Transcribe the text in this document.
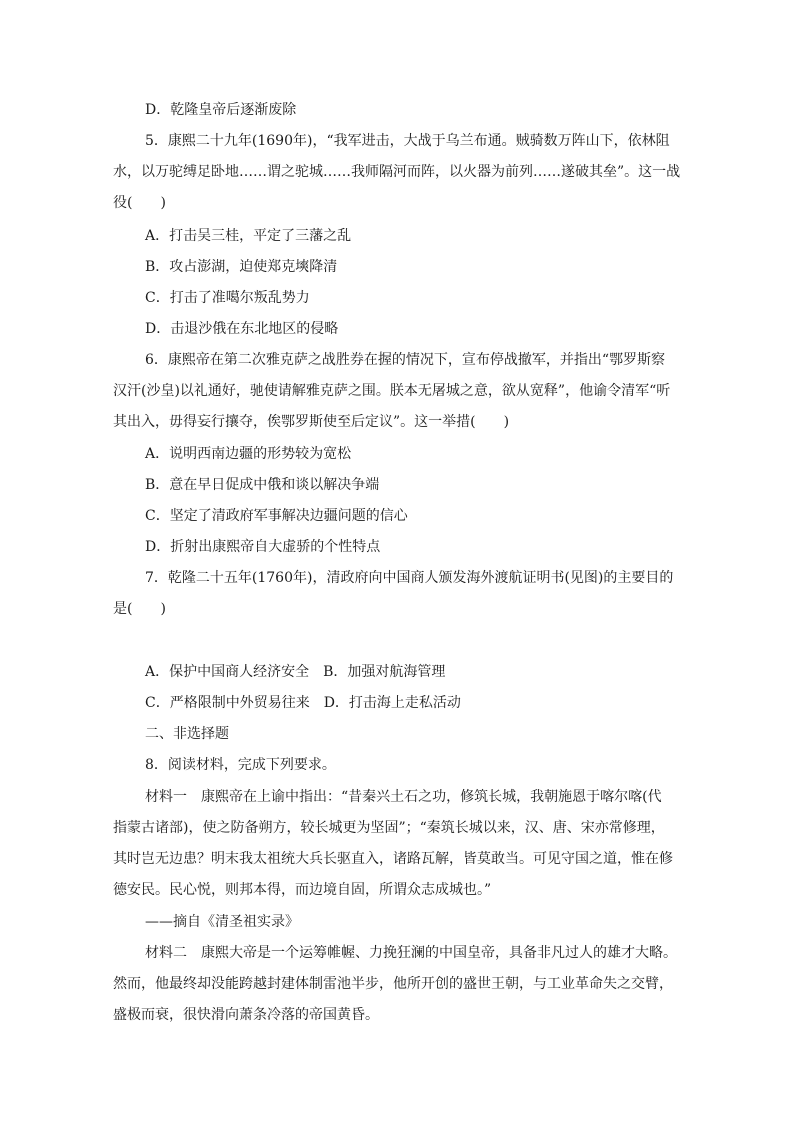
D．乾隆皇帝后逐渐废除
5．康熙二十九年(1690年)，“我军进击，大战于乌兰布通。贼骑数万阵山下，依林阻
水，以万驼缚足卧地……谓之驼城……我师隔河而阵，以火器为前列……遂破其垒”。这一战
役(　　)
A．打击吴三桂，平定了三藩之乱
B．攻占澎湖，迫使郑克塽降清
C．打击了准噶尔叛乱势力
D．击退沙俄在东北地区的侵略
6．康熙帝在第二次雅克萨之战胜券在握的情况下，宣布停战撤军，并指出“鄂罗斯察
汉汗(沙皇)以礼通好，驰使请解雅克萨之围。朕本无屠城之意，欲从宽释”，他谕令清军“听
其出入，毋得妄行攘夺，俟鄂罗斯使至后定议”。这一举措(　　)
A．说明西南边疆的形势较为宽松
B．意在早日促成中俄和谈以解决争端
C．坚定了清政府军事解决边疆问题的信心
D．折射出康熙帝自大虚骄的个性特点
7．乾隆二十五年(1760年)，清政府向中国商人颁发海外渡航证明书(见图)的主要目的
是(　　)
A．保护中国商人经济安全　B．加强对航海管理
C．严格限制中外贸易往来　D．打击海上走私活动
二、非选择题
8．阅读材料，完成下列要求。
材料一　康熙帝在上谕中指出：“昔秦兴土石之功，修筑长城，我朝施恩于喀尔喀(代
指蒙古诸部)，使之防备朔方，较长城更为坚固”；“秦筑长城以来，汉、唐、宋亦常修理，
其时岂无边患？明末我太祖统大兵长驱直入，诸路瓦解，皆莫敢当。可见守国之道，惟在修
德安民。民心悦，则邦本得，而边境自固，所谓众志成城也。”
——摘自《清圣祖实录》
材料二　康熙大帝是一个运筹帷幄、力挽狂澜的中国皇帝，具备非凡过人的雄才大略。
然而，他最终却没能跨越封建体制雷池半步，他所开创的盛世王朝，与工业革命失之交臂，
盛极而衰，很快滑向萧条冷落的帝国黄昏。
